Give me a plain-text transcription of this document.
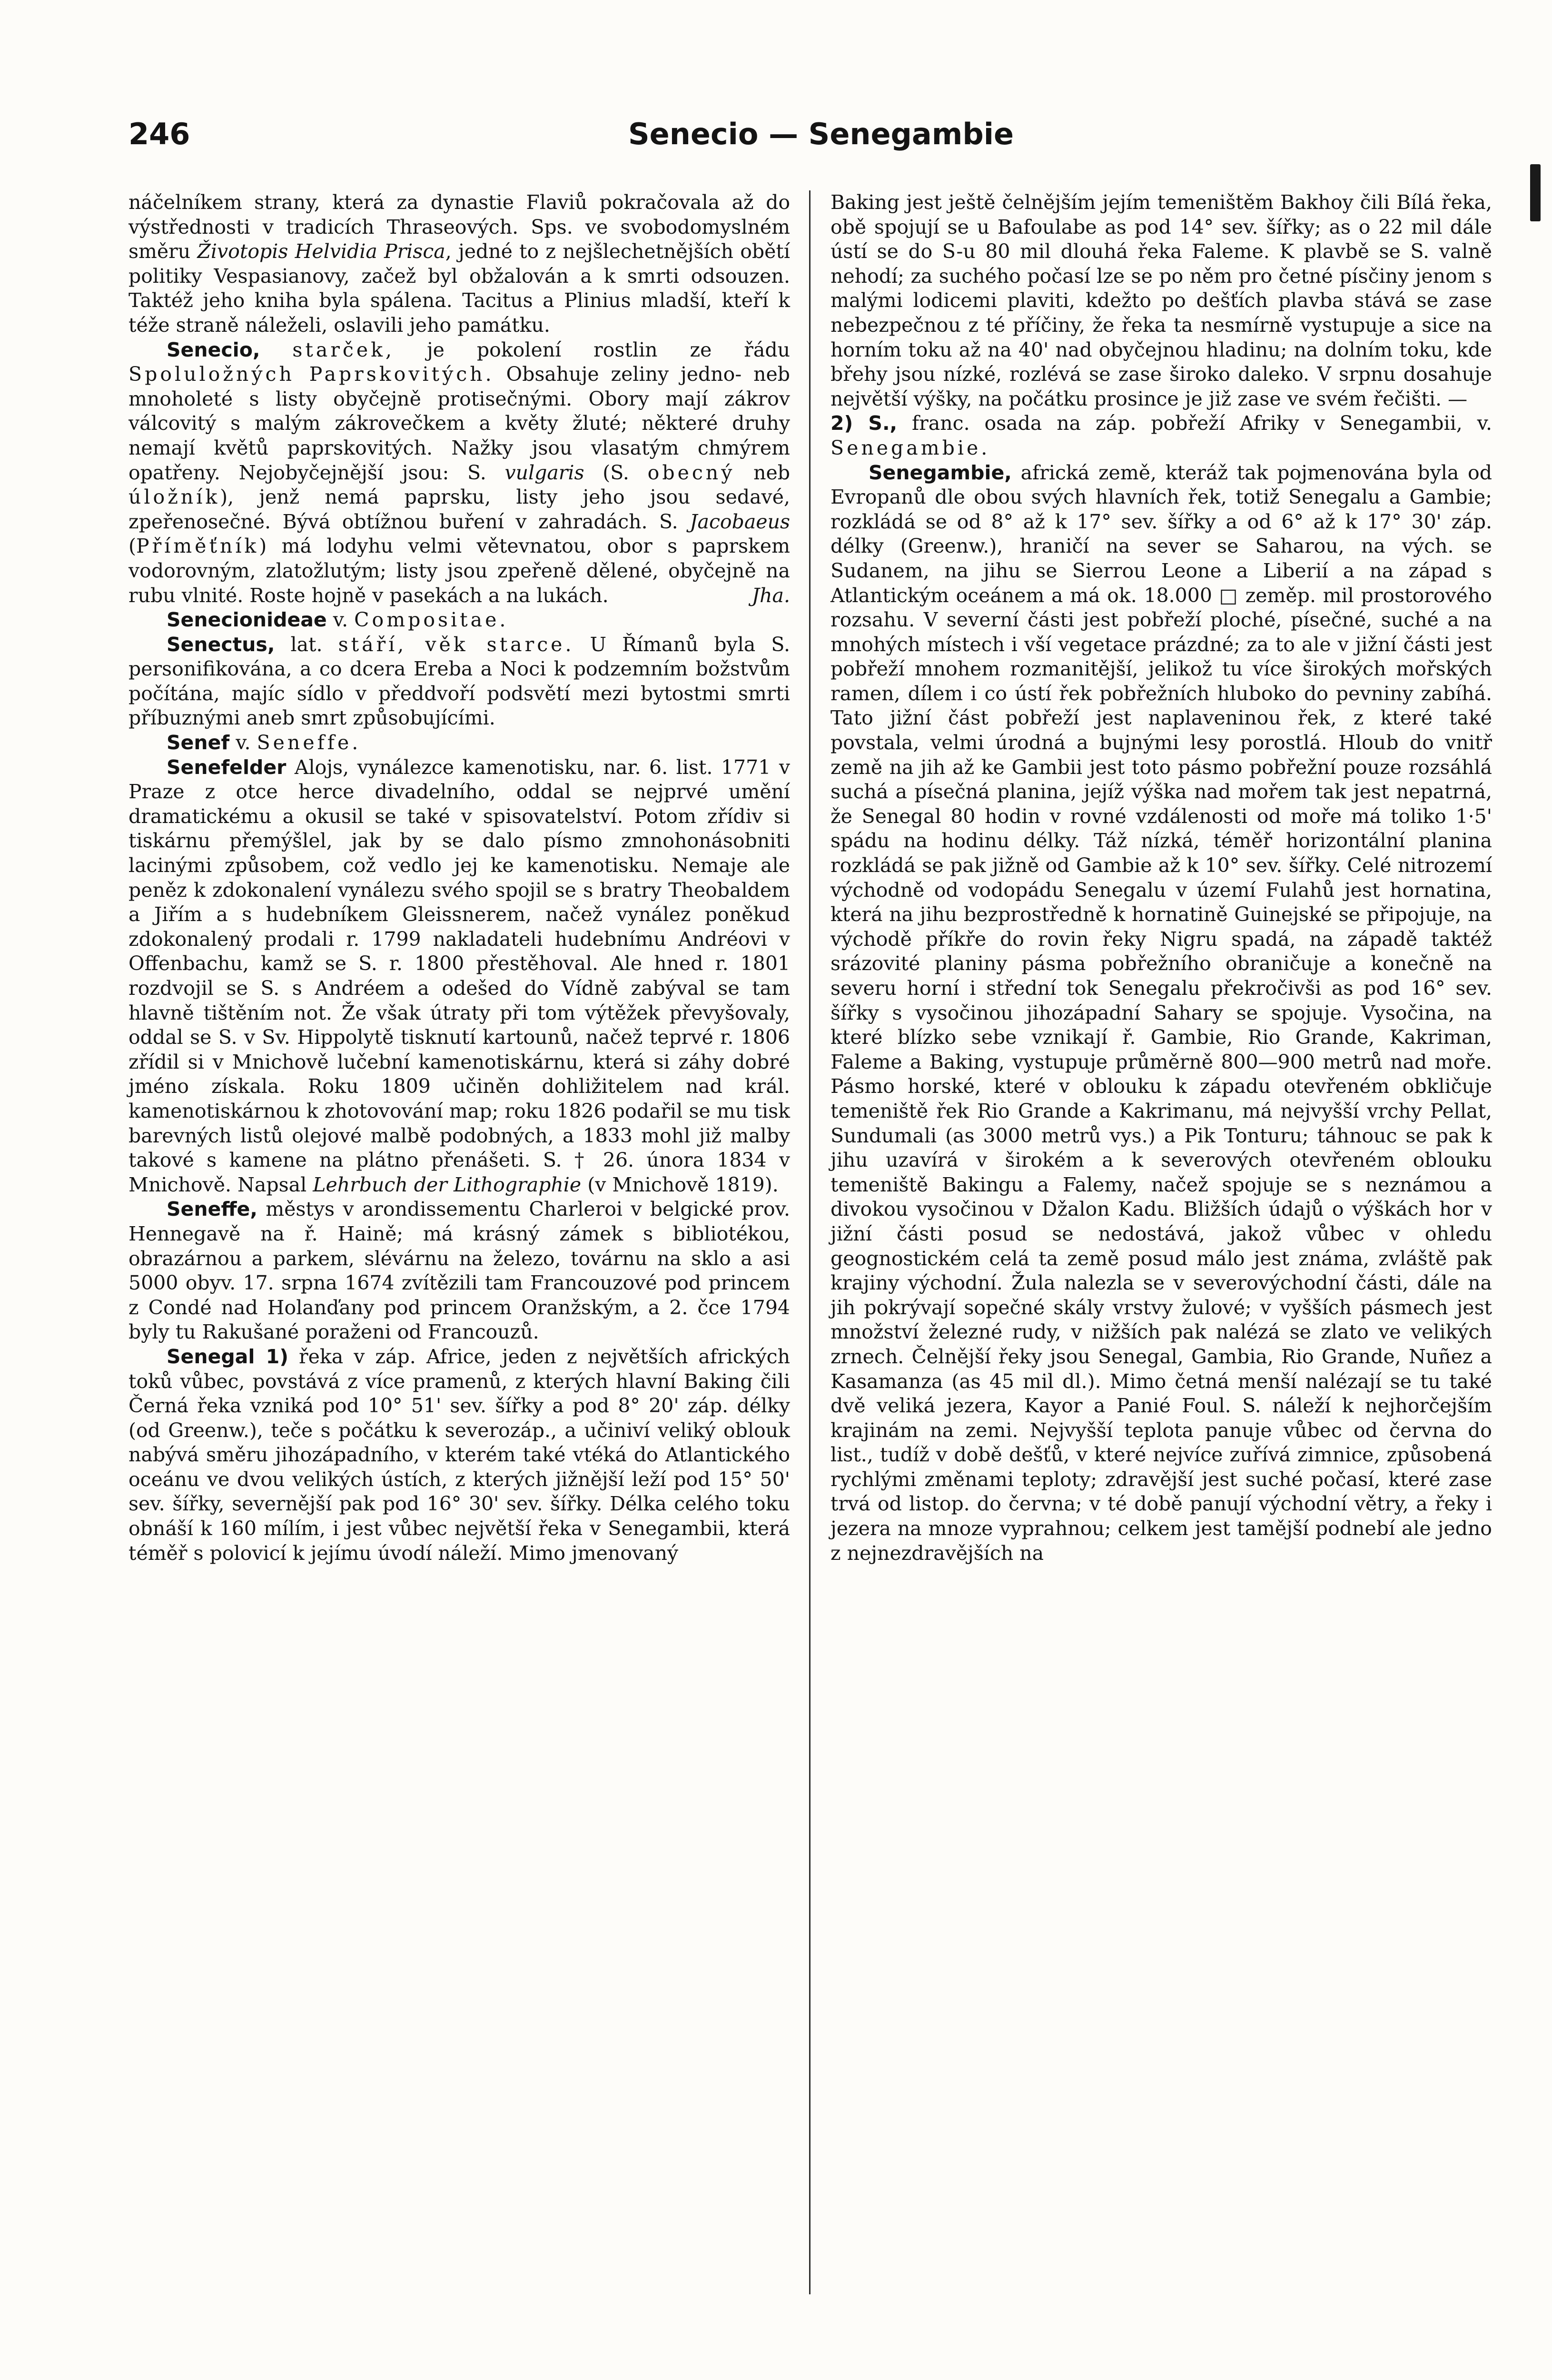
246	Senecio — Senegambie

náčelníkem strany, která za dynastie Flaviů pokračovala až do výstřednosti v tradicích Thraseových. Sps. ve svobodomyslném směru Životopis Helvidia Prisca, jedné to z nejšlechetnějších obětí politiky Vespasianovy, začež byl obžalován a k smrti odsouzen. Taktéž jeho kniha byla spálena. Tacitus a Plinius mladší, kteří k téže straně náleželi, oslavili jeho památku.

Senecio, starček, je pokolení rostlin ze řádu Spoluložných Paprskovitých. Obsahuje zeliny jedno- neb mnoholeté s listy obyčejně protisečnými. Obory mají zákrov válcovitý s malým zákrovečkem a květy žluté; některé druhy nemají květů paprskovitých. Nažky jsou vlasatým chmýrem opatřeny. Nejobyčejnější jsou: S. vulgaris (S. obecný neb úložník), jenž nemá paprsku, listy jeho jsou sedavé, zpeřenosečné. Bývá obtížnou buření v zahradách. S. Jacobaeus (Příměťník) má lodyhu velmi větevnatou, obor s paprskem vodorovným, zlatožlutým; listy jsou zpeřeně dělené, obyčejně na rubu vlnité. Roste hojně v pasekách a na lukách.	Jha.

Senecionideae v. Compositae.

Senectus, lat. stáří, věk starce. U Římanů byla S. personifikována, a co dcera Ereba a Noci k podzemním božstvům počítána, majíc sídlo v předdvoří podsvětí mezi bytostmi smrti příbuznými aneb smrt způsobujícími.

Senef v. Seneffe.

Senefelder Alojs, vynálezce kamenotisku, nar. 6. list. 1771 v Praze z otce herce divadelního, oddal se nejprvé umění dramatickému a okusil se také v spisovatelství. Potom zřídiv si tiskárnu přemýšlel, jak by se dalo písmo zmnohonásobniti lacinými způsobem, což vedlo jej ke kamenotisku. Nemaje ale peněz k zdokonalení vynálezu svého spojil se s bratry Theobaldem a Jiřím a s hudebníkem Gleissnerem, načež vynález poněkud zdokonalený prodali r. 1799 nakladateli hudebnímu Andréovi v Offenbachu, kamž se S. r. 1800 přestěhoval. Ale hned r. 1801 rozdvojil se S. s Andréem a odešed do Vídně zabýval se tam hlavně tištěním not. Že však útraty při tom výtěžek převyšovaly, oddal se S. v Sv. Hippolytě tisknutí kartounů, načež teprvé r. 1806 zřídil si v Mnichově lučební kamenotiskárnu, která si záhy dobré jméno získala. Roku 1809 učiněn dohližitelem nad král. kamenotiskárnou k zhotovování map; roku 1826 podařil se mu tisk barevných listů olejové malbě podobných, a 1833 mohl již malby takové s kamene na plátno přenášeti. S. † 26. února 1834 v Mnichově. Napsal Lehrbuch der Lithographie (v Mnichově 1819).

Seneffe, městys v arondissementu Charleroi v belgické prov. Hennegavě na ř. Haině; má krásný zámek s bibliotékou, obrazárnou a parkem, slévárnu na železo, továrnu na sklo a asi 5000 obyv. 17. srpna 1674 zvítězili tam Francouzové pod princem z Condé nad Holanďany pod princem Oranžským, a 2. čce 1794 byly tu Rakušané poraženi od Francouzů.

Senegal 1) řeka v záp. Africe, jeden z největších afrických toků vůbec, povstává z více pramenů, z kterých hlavní Baking čili Černá řeka vzniká pod 10° 51' sev. šířky a pod 8° 20' záp. délky (od Greenw.), teče s počátku k severozáp., a učiniví veliký oblouk nabývá směru jihozápadního, v kterém také vtéká do Atlantického oceánu ve dvou velikých ústích, z kterých jižnější leží pod 15° 50' sev. šířky, severnější pak pod 16° 30' sev. šířky. Délka celého toku obnáší k 160 mílím, i jest vůbec největší řeka v Senegambii, která téměř s polovicí k jejímu úvodí náleží. Mimo jmenovaný

Baking jest ještě čelnějším jejím temeništěm Bakhoy čili Bílá řeka, obě spojují se u Bafoulabe as pod 14° sev. šířky; as o 22 mil dále ústí se do S-u 80 mil dlouhá řeka Faleme. K plavbě se S. valně nehodí; za suchého počasí lze se po něm pro četné písčiny jenom s malými lodicemi plaviti, kdežto po dešťích plavba stává se zase nebezpečnou z té příčiny, že řeka ta nesmírně vystupuje a sice na horním toku až na 40' nad obyčejnou hladinu; na dolním toku, kde břehy jsou nízké, rozlévá se zase široko daleko. V srpnu dosahuje největší výšky, na počátku prosince je již zase ve svém řečišti. —

2) S., franc. osada na záp. pobřeží Afriky v Senegambii, v. Senegambie.

Senegambie, africká země, kteráž tak pojmenována byla od Evropanů dle obou svých hlavních řek, totiž Senegalu a Gambie; rozkládá se od 8° až k 17° sev. šířky a od 6° až k 17° 30' záp. délky (Greenw.), hraničí na sever se Saharou, na vých. se Sudanem, na jihu se Sierrou Leone a Liberií a na západ s Atlantickým oceánem a má ok. 18.000 □ zeměp. mil prostorového rozsahu. V severní části jest pobřeží ploché, písečné, suché a na mnohých místech i vší vegetace prázdné; za to ale v jižní části jest pobřeží mnohem rozmanitější, jelikož tu více širokých mořských ramen, dílem i co ústí řek pobřežních hluboko do pevniny zabíhá. Tato jižní část pobřeží jest naplaveninou řek, z které také povstala, velmi úrodná a bujnými lesy porostlá. Hloub do vnitř země na jih až ke Gambii jest toto pásmo pobřežní pouze rozsáhlá suchá a písečná planina, jejíž výška nad mořem tak jest nepatrná, že Senegal 80 hodin v rovné vzdálenosti od moře má toliko 1·5' spádu na hodinu délky. Táž nízká, téměř horizontální planina rozkládá se pak jižně od Gambie až k 10° sev. šířky. Celé nitrozemí východně od vodopádu Senegalu v území Fulahů jest hornatina, která na jihu bezprostředně k hornatině Guinejské se připojuje, na východě příkře do rovin řeky Nigru spadá, na západě taktéž srázovité planiny pásma pobřežního obraničuje a konečně na severu horní i střední tok Senegalu překročivši as pod 16° sev. šířky s vysočinou jihozápadní Sahary se spojuje. Vysočina, na které blízko sebe vznikají ř. Gambie, Rio Grande, Kakriman, Faleme a Baking, vystupuje průměrně 800—900 metrů nad moře. Pásmo horské, které v oblouku k západu otevřeném obkličuje temeniště řek Rio Grande a Kakrimanu, má nejvyšší vrchy Pellat, Sundumali (as 3000 metrů vys.) a Pik Tonturu; táhnouc se pak k jihu uzavírá v širokém a k severových otevřeném oblouku temeniště Bakingu a Falemy, načež spojuje se s neznámou a divokou vysočinou v Džalon Kadu. Bližších údajů o výškách hor v jižní části posud se nedostává, jakož vůbec v ohledu geognostickém celá ta země posud málo jest známa, zvláště pak krajiny východní. Žula nalezla se v severovýchodní části, dále na jih pokrývají sopečné skály vrstvy žulové; v vyšších pásmech jest množství železné rudy, v nižších pak nalézá se zlato ve velikých zrnech. Čelnější řeky jsou Senegal, Gambia, Rio Grande, Nuñez a Kasamanza (as 45 mil dl.). Mimo četná menší nalézají se tu také dvě veliká jezera, Kayor a Panié Foul. S. náleží k nejhorčejším krajinám na zemi. Nejvyšší teplota panuje vůbec od června do list., tudíž v době dešťů, v které nejvíce zuřívá zimnice, způsobená rychlými změnami teploty; zdravější jest suché počasí, které zase trvá od listop. do června; v té době panují východní větry, a řeky i jezera na mnoze vyprahnou; celkem jest tamější podnebí ale jedno z nejnezdravějších na
